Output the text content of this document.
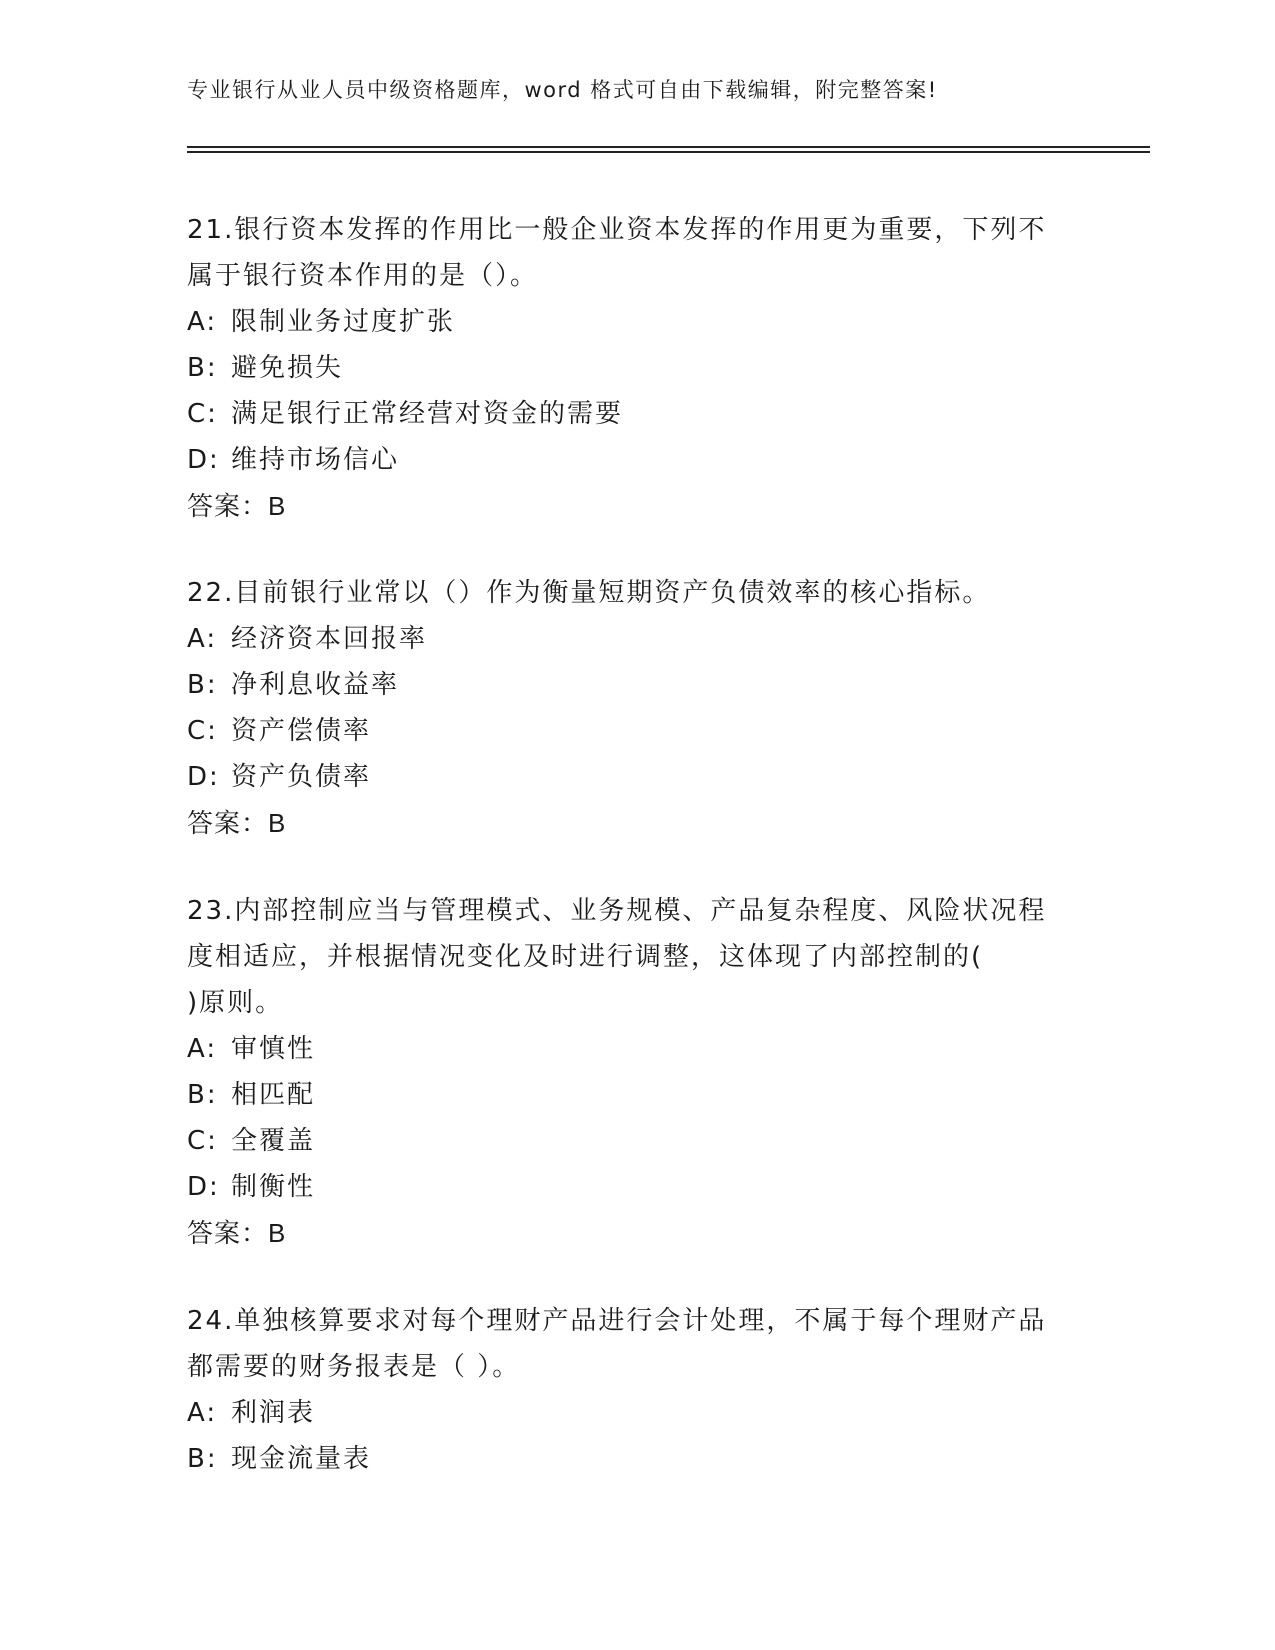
专业银行从业人员中级资格题库，word 格式可自由下载编辑，附完整答案!
21.银行资本发挥的作用比一般企业资本发挥的作用更为重要，下列不
属于银行资本作用的是（）。
A: 限制业务过度扩张
B: 避免损失
C: 满足银行正常经营对资金的需要
D: 维持市场信心
答案：B
22.目前银行业常以（）作为衡量短期资产负债效率的核心指标。
A: 经济资本回报率
B: 净利息收益率
C: 资产偿债率
D: 资产负债率
答案：B
23.内部控制应当与管理模式、业务规模、产品复杂程度、风险状况程
度相适应，并根据情况变化及时进行调整，这体现了内部控制的(
)原则。
A: 审慎性
B: 相匹配
C: 全覆盖
D: 制衡性
答案：B
24.单独核算要求对每个理财产品进行会计处理，不属于每个理财产品
都需要的财务报表是（ ）。
A: 利润表
B: 现金流量表
